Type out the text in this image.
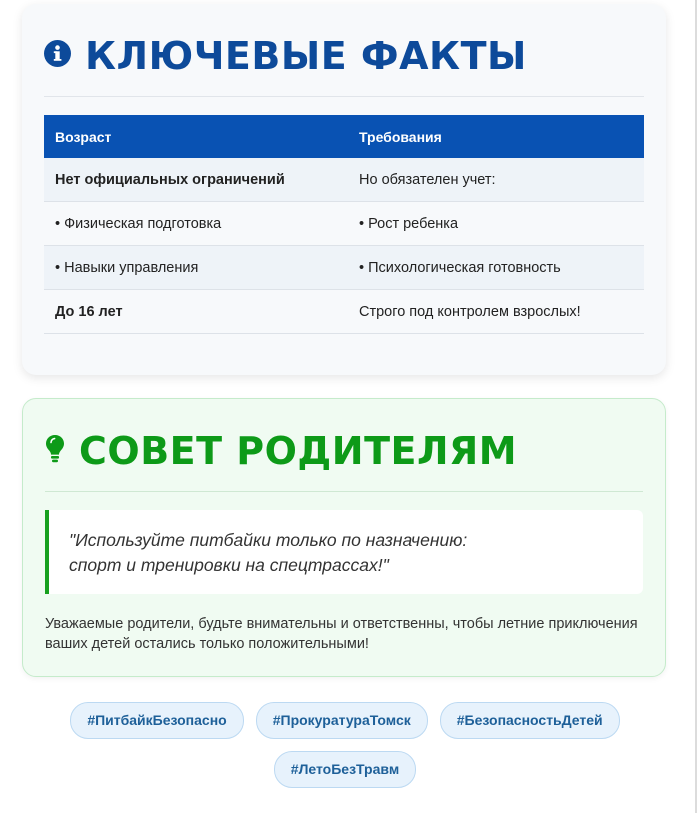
КЛЮЧЕВЫЕ ФАКТЫ
Возраст	Требования
Нет официальных ограничений	Но обязателен учет:
• Физическая подготовка	• Рост ребенка
• Навыки управления	• Психологическая готовность
До 16 лет	Строго под контролем взрослых!
СОВЕТ РОДИТЕЛЯМ
"Используйте питбайки только по назначению:
спорт и тренировки на спецтрассах!"

Уважаемые родители, будьте внимательны и ответственны, чтобы летние приключения ваших детей остались только положительными!

#ПитбайкБезопасно	#ПрокуратураТомск	#БезопасностьДетей
#ЛетоБезТравм
